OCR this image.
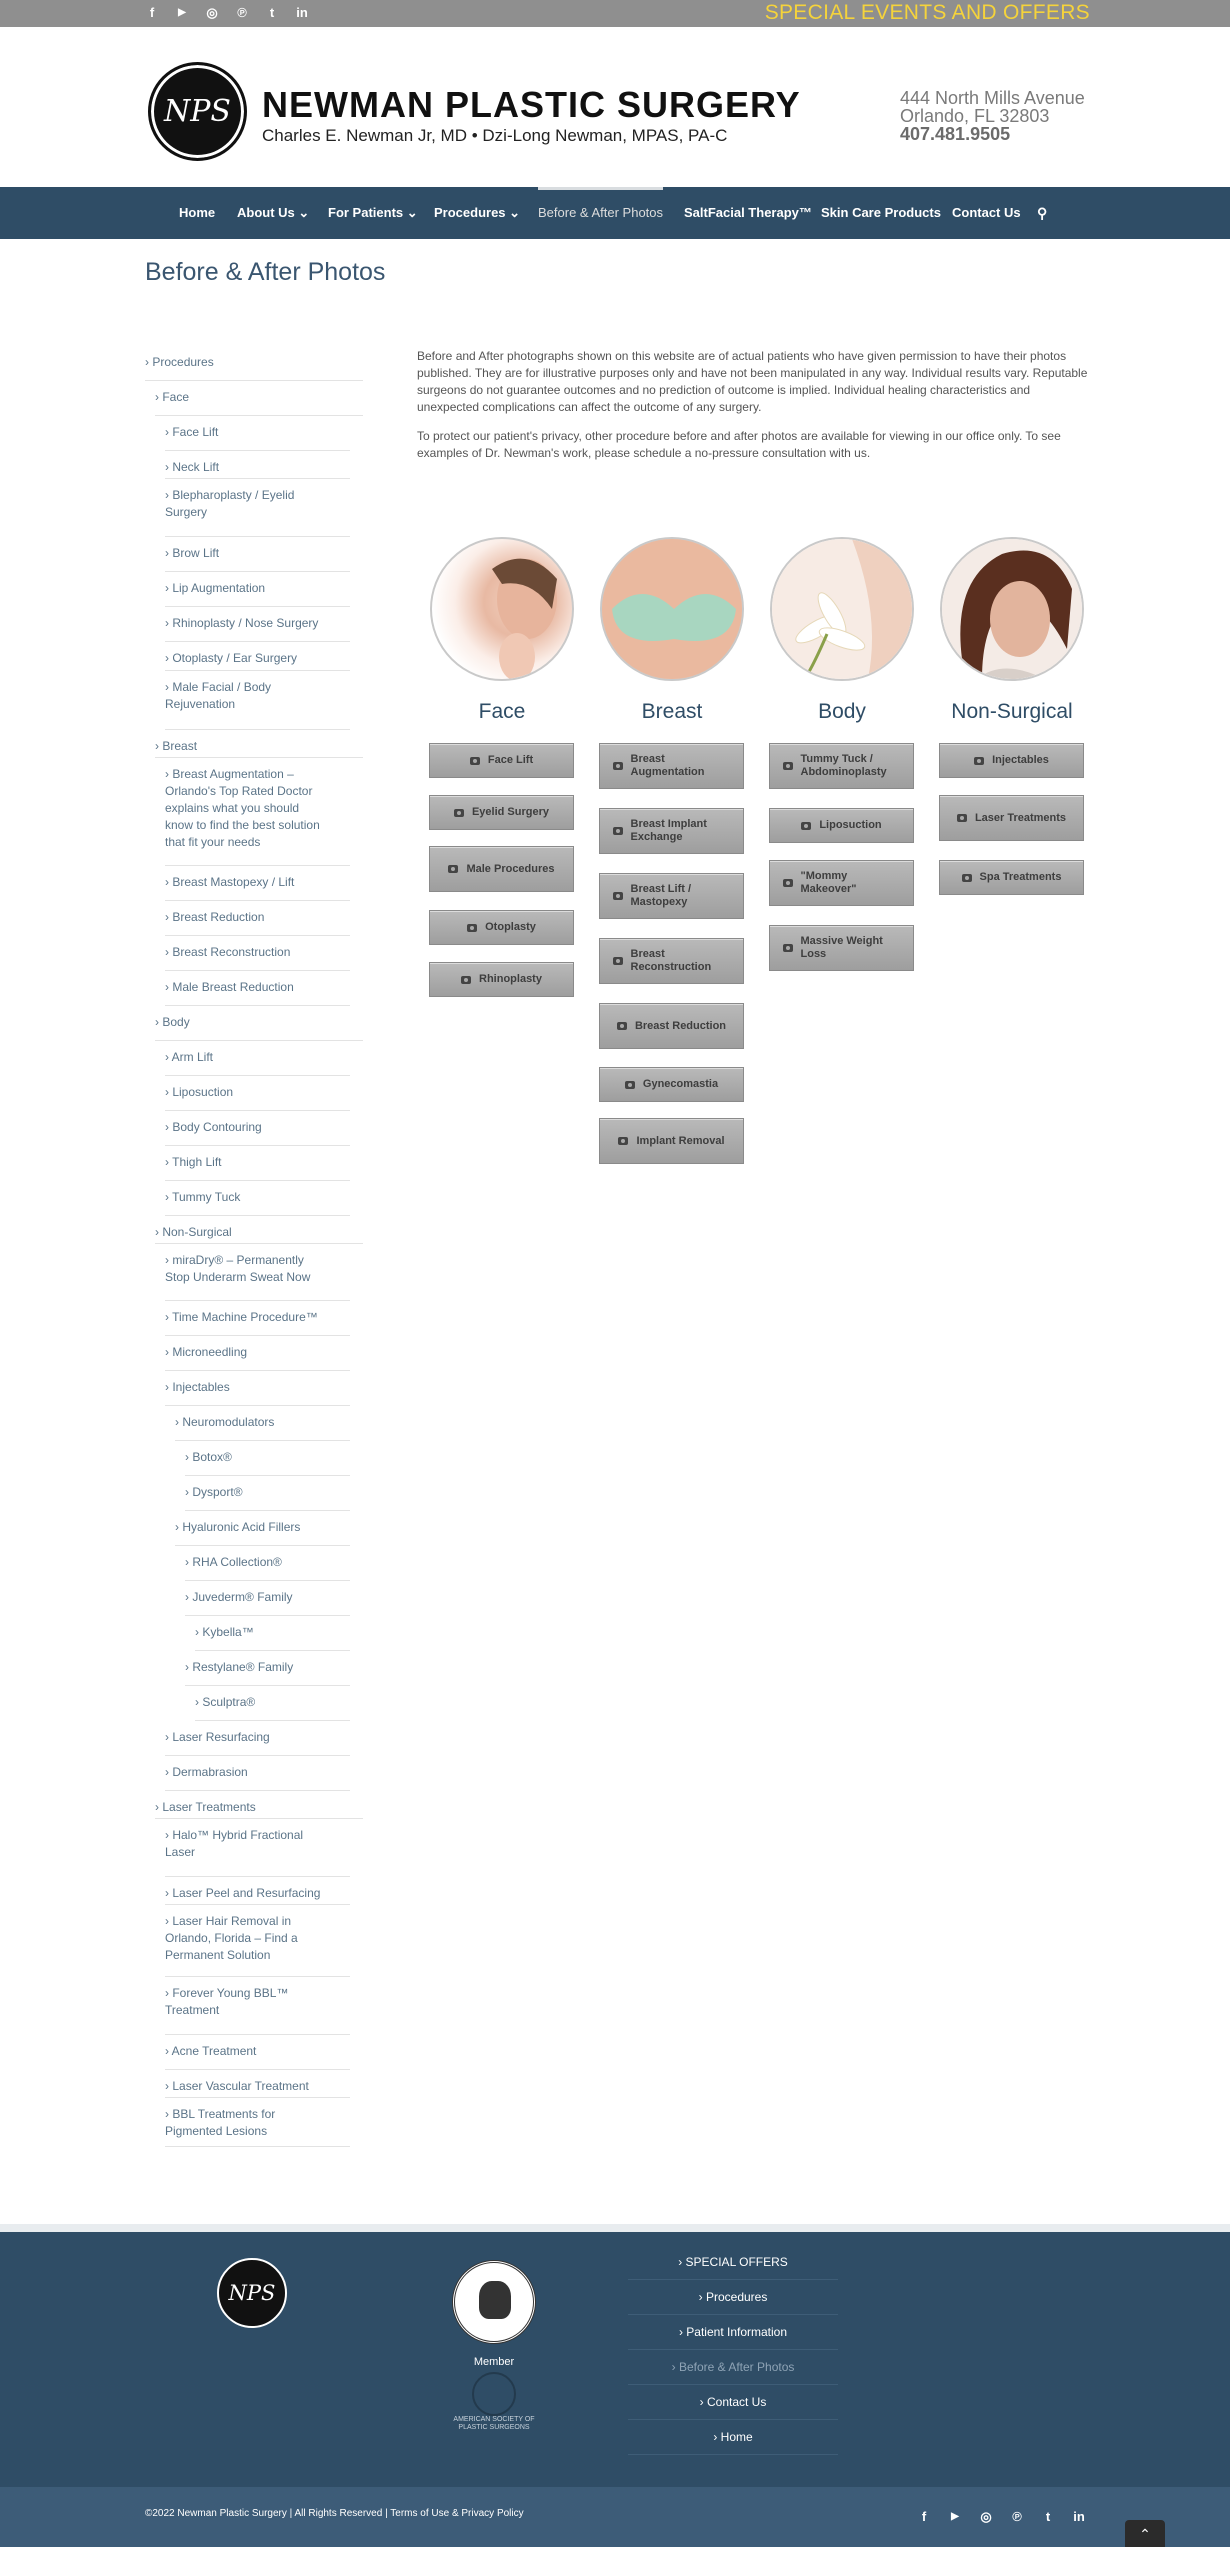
f	▶	◎	℗	t	in	SPECIAL EVENTS AND OFFERS
NPS NEWMAN PLASTIC SURGERY
Charles E. Newman Jr, MD • Dzi-Long Newman, MPAS, PA-C
444 North Mills Avenue
Orlando, FL 32803
407.481.9505
Home About Us ⌄ For Patients ⌄ Procedures ⌄ Before & After Photos SaltFacial Therapy™ Skin Care Products Contact Us ⚲
Before & After Photos
› Procedures
› Face
› Face Lift
› Neck Lift
› Blepharoplasty / Eyelid Surgery
› Brow Lift
› Lip Augmentation
› Rhinoplasty / Nose Surgery
› Otoplasty / Ear Surgery
› Male Facial / Body Rejuvenation
› Breast
› Breast Augmentation – Orlando's Top Rated Doctor explains what you should know to find the best solution that fit your needs
› Breast Mastopexy / Lift
› Breast Reduction
› Breast Reconstruction
› Male Breast Reduction
› Body
› Arm Lift
› Liposuction
› Body Contouring
› Thigh Lift
› Tummy Tuck
› Non-Surgical
› miraDry® – Permanently Stop Underarm Sweat Now
› Time Machine Procedure™
› Microneedling
› Injectables
› Neuromodulators
› Botox®
› Dysport®
› Hyaluronic Acid Fillers
› RHA Collection®
› Juvederm® Family
› Kybella™
› Restylane® Family
› Sculptra®
› Laser Resurfacing
› Dermabrasion
› Laser Treatments
› Halo™ Hybrid Fractional Laser
› Laser Peel and Resurfacing
› Laser Hair Removal in Orlando, Florida – Find a Permanent Solution
› Forever Young BBL™ Treatment
› Acne Treatment
› Laser Vascular Treatment
› BBL Treatments for Pigmented Lesions

Before and After photographs shown on this website are of actual patients who have given permission to have their photos published. They are for illustrative purposes only and have not been manipulated in any way. Individual results vary. Reputable surgeons do not guarantee outcomes and no prediction of outcome is implied. Individual healing characteristics and unexpected complications can affect the outcome of any surgery.

To protect our patient's privacy, other procedure before and after photos are available for viewing in our office only. To see examples of Dr. Newman's work, please schedule a no-pressure consultation with us.

Face	Breast	Body	Non-Surgical
Face Lift
Eyelid Surgery
Male Procedures
Otoplasty
Rhinoplasty
Breast Augmentation
Breast Implant Exchange
Breast Lift / Mastopexy
Breast Reconstruction
Breast Reduction
Gynecomastia
Implant Removal
Tummy Tuck / Abdominoplasty
Liposuction
"Mommy Makeover"
Massive Weight Loss
Injectables
Laser Treatments
Spa Treatments
NPS
Member
AMERICAN SOCIETY OF PLASTIC SURGEONS
› SPECIAL OFFERS
› Procedures
› Patient Information
› Before & After Photos
› Contact Us
› Home
©2022 Newman Plastic Surgery | All Rights Reserved | Terms of Use & Privacy Policy	f	▶	◎	℗	t	in
⌃
